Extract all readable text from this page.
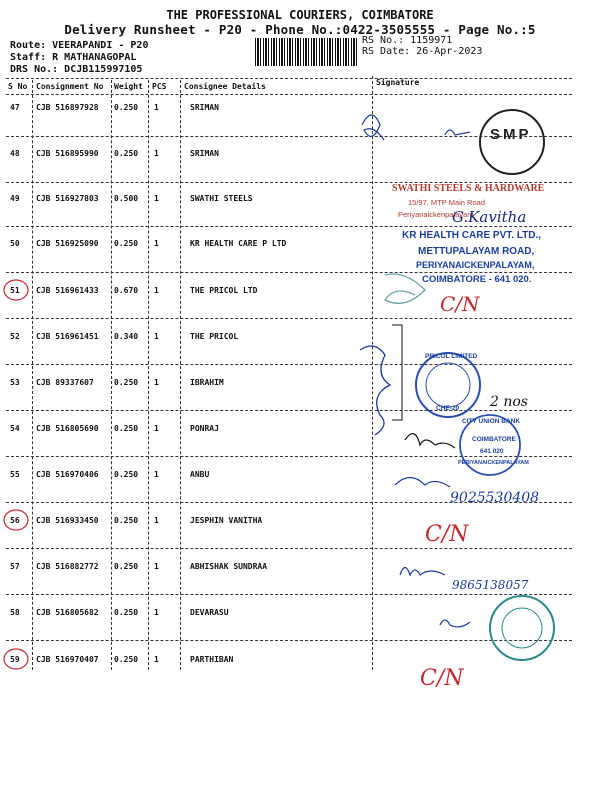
THE PROFESSIONAL COURIERS, COIMBATORE
Delivery Runsheet - P20 - Phone No.:0422-3505555 - Page No.:5
Route: VEERAPANDI - P20
Staff: R MATHANAGOPAL
DRS No.: DCJB115997105
RS No.: 1159971
RS Date: 26-Apr-2023
S No Consignment No Weight PCS Consignee Details	Signature
47 CJB 516897928 0.250 1	SRIMAN
48 CJB 516895990 0.250 1	SRIMAN
49 CJB 516927803 0.500 1	SWATHI STEELS
50 CJB 516925090 0.250 1	KR HEALTH CARE P LTD
51 CJB 516961433 0.670 1	THE PRICOL LTD
52 CJB 516961451 0.340 1	THE PRICOL
53 CJB 89337607	0.250 1	IBRAHIM
54 CJB 516805690 0.250 1	PONRAJ
55 CJB 516970406 0.250 1	ANBU
56 CJB 516933450 0.250 1	JESPHIN VANITHA
57 CJB 516882772 0.250 1	ABHISHAK SUNDRAA
58 CJB 516805682 0.250 1	DEVARASU
59 CJB 516970407 0.250 1	PARTHIBAN
SWATHI STEELS & HARDWARE
15/97, MTP Main Road
Periyanaickenpalayam
KR HEALTH CARE PVT. LTD.,
METTUPALAYAM ROAD,
PERIYANAICKENPALAYAM,
COIMBATORE - 641 020.
SMP
PRICOL LIMITED
CHE-20
CITY UNION BANK
COIMBATORE
641 020
PERIYANAICKENPALAYAM
G.Kavitha
C/N
2 nos
9025530408
C/N
9865138057
C/N
